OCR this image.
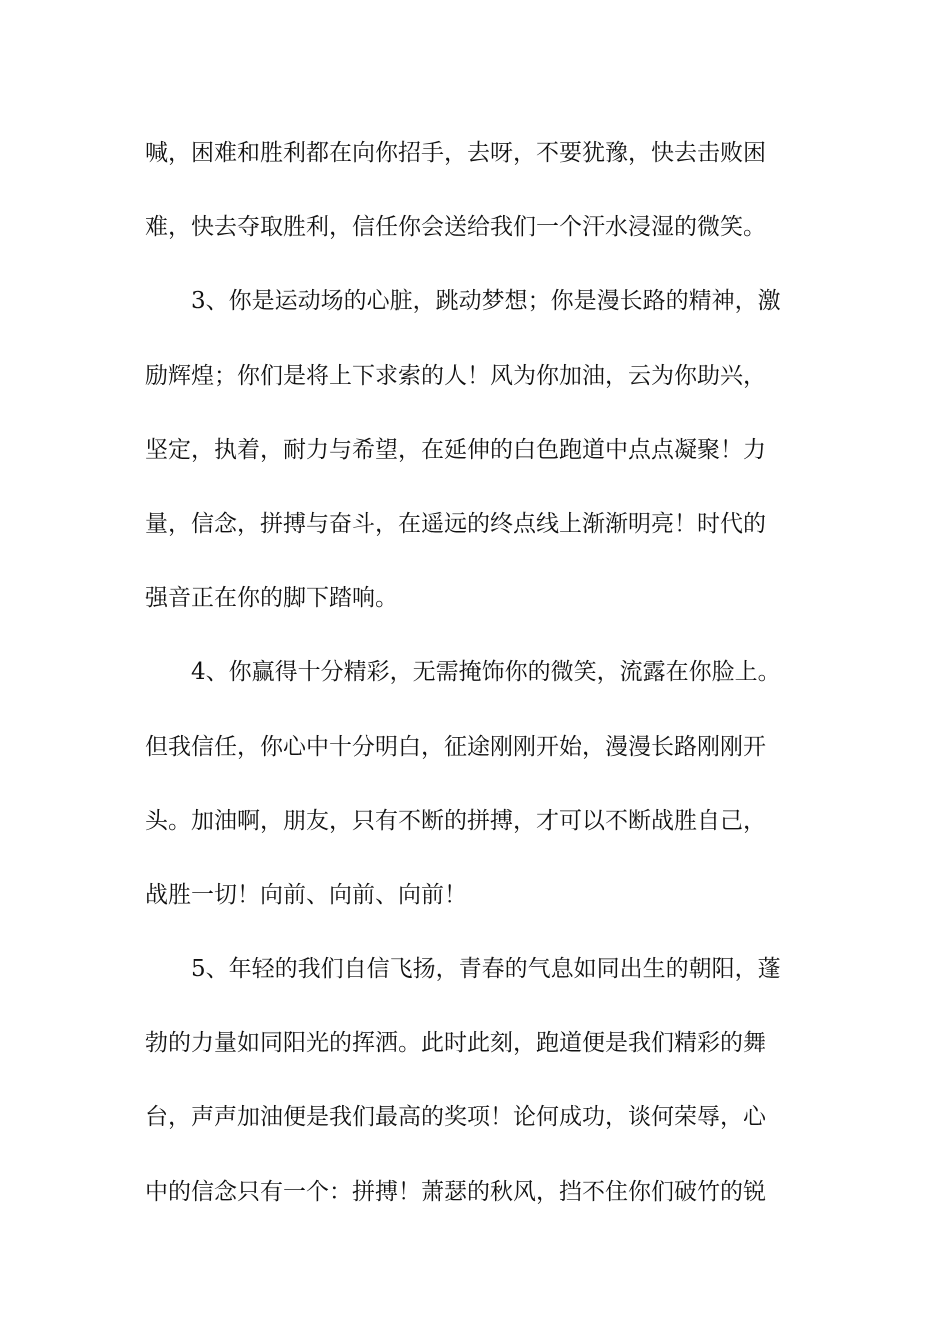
喊，困难和胜利都在向你招手，去呀，不要犹豫，快去击败困
难，快去夺取胜利，信任你会送给我们一个汗水浸湿的微笑。
　　3、你是运动场的心脏，跳动梦想；你是漫长路的精神，激
励辉煌；你们是将上下求索的人！风为你加油，云为你助兴，
坚定，执着，耐力与希望，在延伸的白色跑道中点点凝聚！力
量，信念，拼搏与奋斗，在遥远的终点线上渐渐明亮！时代的
强音正在你的脚下踏响。
　　4、你赢得十分精彩，无需掩饰你的微笑，流露在你脸上。
但我信任，你心中十分明白，征途刚刚开始，漫漫长路刚刚开
头。加油啊，朋友，只有不断的拼搏，才可以不断战胜自己，
战胜一切！向前、向前、向前！
　　5、年轻的我们自信飞扬，青春的气息如同出生的朝阳，蓬
勃的力量如同阳光的挥洒。此时此刻，跑道便是我们精彩的舞
台，声声加油便是我们最高的奖项！论何成功，谈何荣辱，心
中的信念只有一个：拼搏！萧瑟的秋风，挡不住你们破竹的锐
